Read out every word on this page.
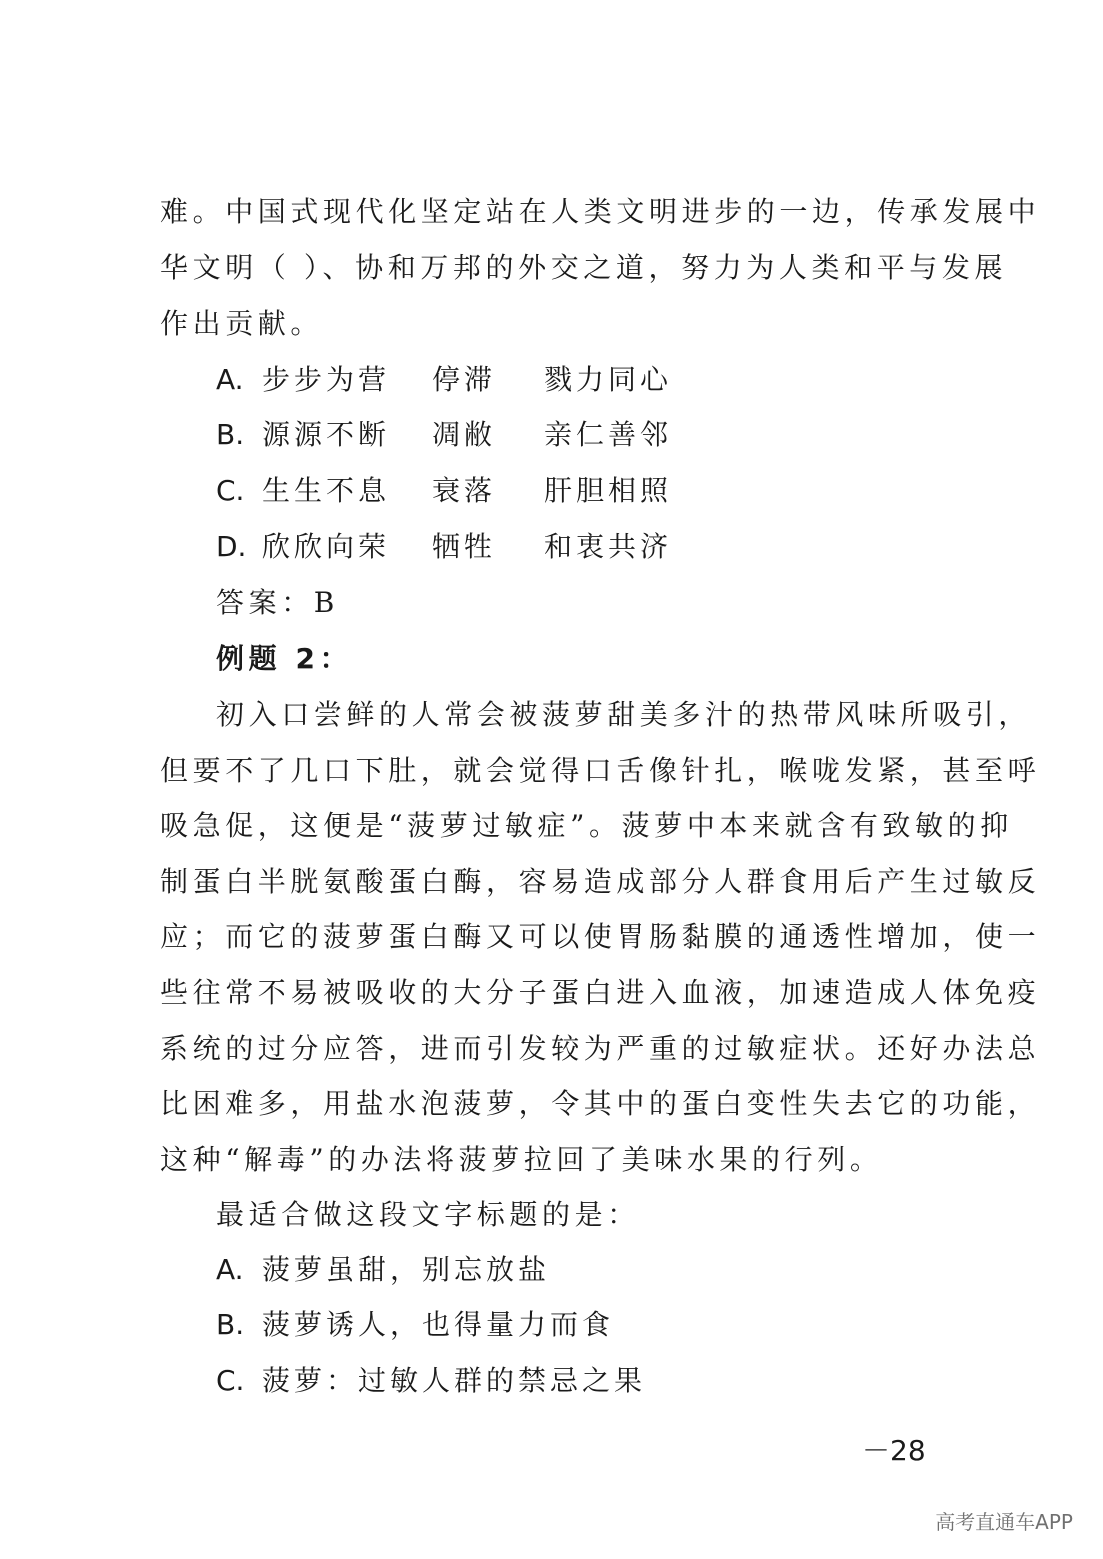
难。中国式现代化坚定站在人类文明进步的一边，传承发展中
华文明（ ）、协和万邦的外交之道，努力为人类和平与发展
作出贡献。
A. 步步为营 停滞 戮力同心
B. 源源不断 凋敝 亲仁善邻
C. 生生不息 衰落 肝胆相照
D. 欣欣向荣 牺牲 和衷共济
答案：B
例题 2：
初入口尝鲜的人常会被菠萝甜美多汁的热带风味所吸引，
但要不了几口下肚，就会觉得口舌像针扎，喉咙发紧，甚至呼
吸急促，这便是“菠萝过敏症”。菠萝中本来就含有致敏的抑
制蛋白半胱氨酸蛋白酶，容易造成部分人群食用后产生过敏反
应；而它的菠萝蛋白酶又可以使胃肠黏膜的通透性增加，使一
些往常不易被吸收的大分子蛋白进入血液，加速造成人体免疫
系统的过分应答，进而引发较为严重的过敏症状。还好办法总
比困难多，用盐水泡菠萝，令其中的蛋白变性失去它的功能，
这种“解毒”的办法将菠萝拉回了美味水果的行列。
最适合做这段文字标题的是：
A. 菠萝虽甜，别忘放盐
B. 菠萝诱人，也得量力而食
C. 菠萝：过敏人群的禁忌之果
－28
高考直通车APP
